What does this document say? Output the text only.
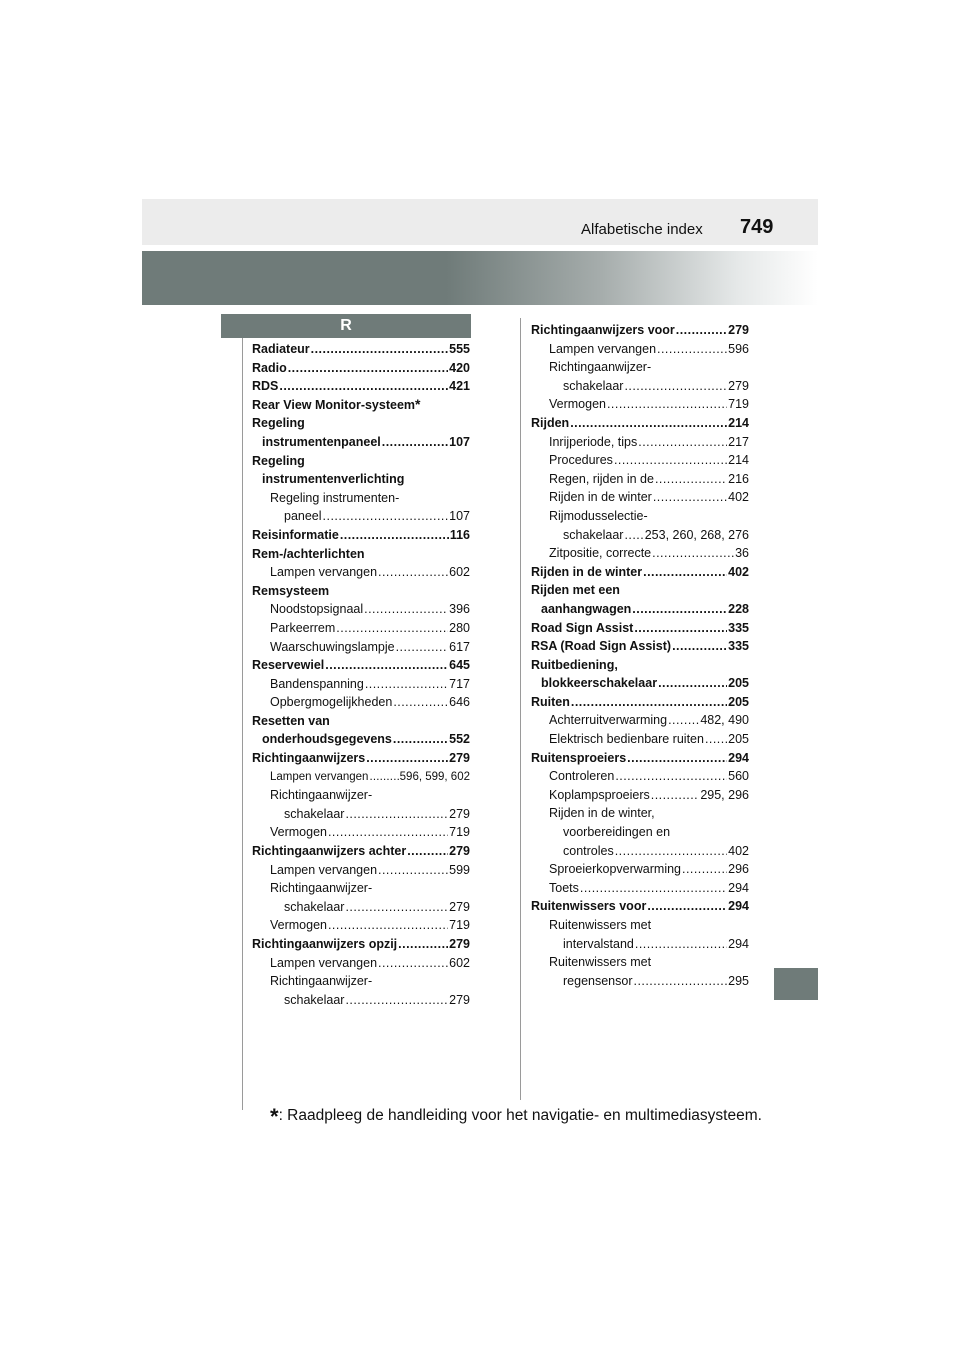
Alfabetische index 749
R
Radiateur . . .	555
Radio . . .	420
RDS . . .	421
Rear View Monitor-systeem *
Regeling
instrumentenpaneel . . .	107
Regeling
instrumentenverlichting
Regeling instrumenten-
paneel . . .	107
Reisinformatie . . .	116
Rem-/achterlichten
Lampen vervangen . . .	602
Remsysteem
Noodstopsignaal . . .	396
Parkeerrem . . .	280
Waarschuwingslampje . . .	617
Reservewiel . . .	645
Bandenspanning . . .	717
Opbergmogelijkheden . . .	646
Resetten van
onderhoudsgegevens . . .	552
Richtingaanwijzers . . .	279
Lampen vervangen . . .	596, 599, 602
Richtingaanwijzer-
schakelaar . . .	279
Vermogen . . .	719
Richtingaanwijzers achter . . .	279
Lampen vervangen . . .	599
Richtingaanwijzer-
schakelaar . . .	279
Vermogen . . .	719
Richtingaanwijzers opzij . . .	279
Lampen vervangen . . .	602
Richtingaanwijzer-
schakelaar . . .	279
Richtingaanwijzers voor . . .	279
Lampen vervangen . . .	596
Richtingaanwijzer-
schakelaar . . .	279
Vermogen . . .	719
Rijden . . .	214
Inrijperiode, tips . . .	217
Procedures . . .	214
Regen, rijden in de . . .	216
Rijden in de winter . . .	402
Rijmodusselectie-
schakelaar . . . 253, 260, 268, 276
Zitpositie, correcte . . .	36
Rijden in de winter . . .	402
Rijden met een
aanhangwagen . . .	228
Road Sign Assist . . .	335
RSA (Road Sign Assist) . . .	335
Ruitbediening,
blokkeerschakelaar . . .	205
Ruiten . . .	205
Achterruitverwarming . . .	482, 490
Elektrisch bedienbare ruiten . . . 205
Ruitensproeiers . . .	294
Controleren . . .	560
Koplampsproeiers . . .	295, 296
Rijden in de winter,
voorbereidingen en
controles . . .	402
Sproeierkopverwarming . . .	296
Toets . . .	294
Ruitenwissers voor . . .	294
Ruitenwissers met
intervalstand . . .	294
Ruitenwissers met
regensensor . . .	295
*: Raadpleeg de handleiding voor het navigatie- en multimediasysteem.
